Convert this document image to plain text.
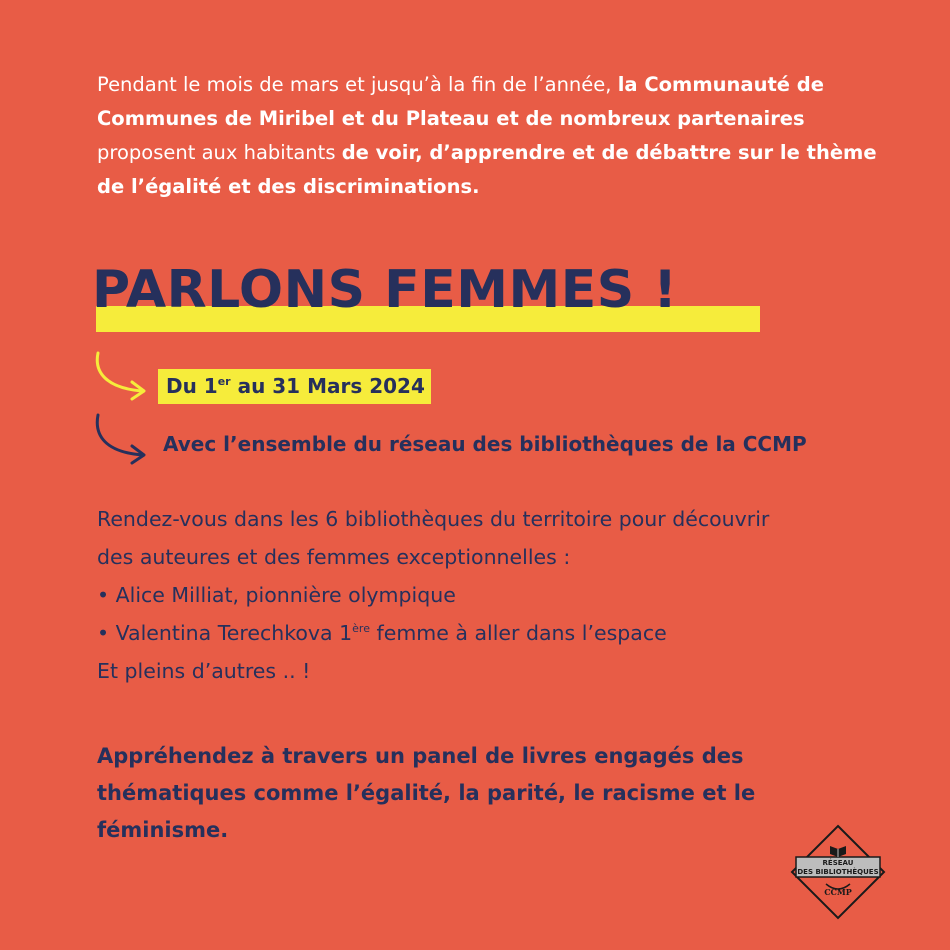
Pendant le mois de mars et jusqu’à la fin de l’année, la Communauté de Communes de Miribel et du Plateau et de nombreux partenaires proposent aux habitants de voir, d’apprendre et de débattre sur le thème de l’égalité et des discriminations.

PARLONS FEMMES !
Du 1er au 31 Mars 2024

Avec l’ensemble du réseau des bibliothèques de la CCMP

Rendez-vous dans les 6 bibliothèques du territoire pour découvrir
des auteures et des femmes exceptionnelles :
• Alice Milliat, pionnière olympique
• Valentina Terechkova 1ère femme à aller dans l’espace
Et pleins d’autres .. !

Appréhendez à travers un panel de livres engagés des thématiques comme l’égalité, la parité, le racisme et le féminisme.

RÉSEAU
DES BIBLIOTHÈQUES
CCMP
